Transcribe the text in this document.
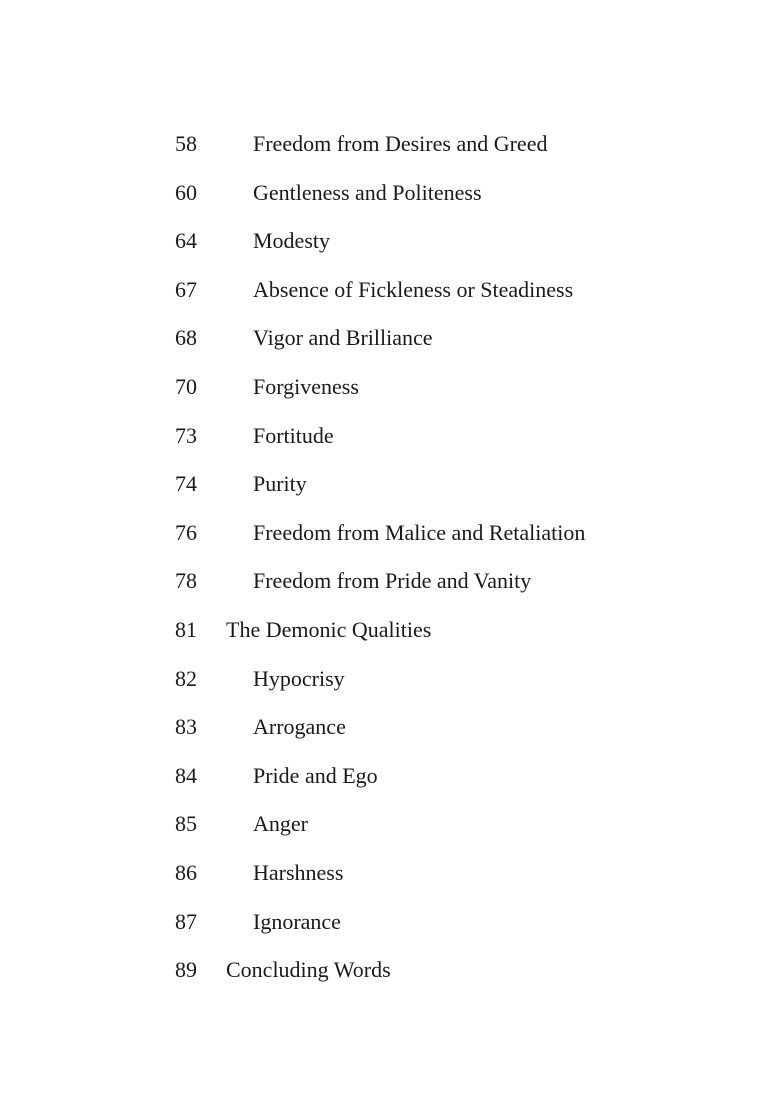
58	Freedom from Desires and Greed
60	Gentleness and Politeness
64	Modesty
67	Absence of Fickleness or Steadiness
68	Vigor and Brilliance
70	Forgiveness
73	Fortitude
74	Purity
76	Freedom from Malice and Retaliation
78	Freedom from Pride and Vanity
81 The Demonic Qualities
82	Hypocrisy
83	Arrogance
84	Pride and Ego
85	Anger
86	Harshness
87	Ignorance
89 Concluding Words
